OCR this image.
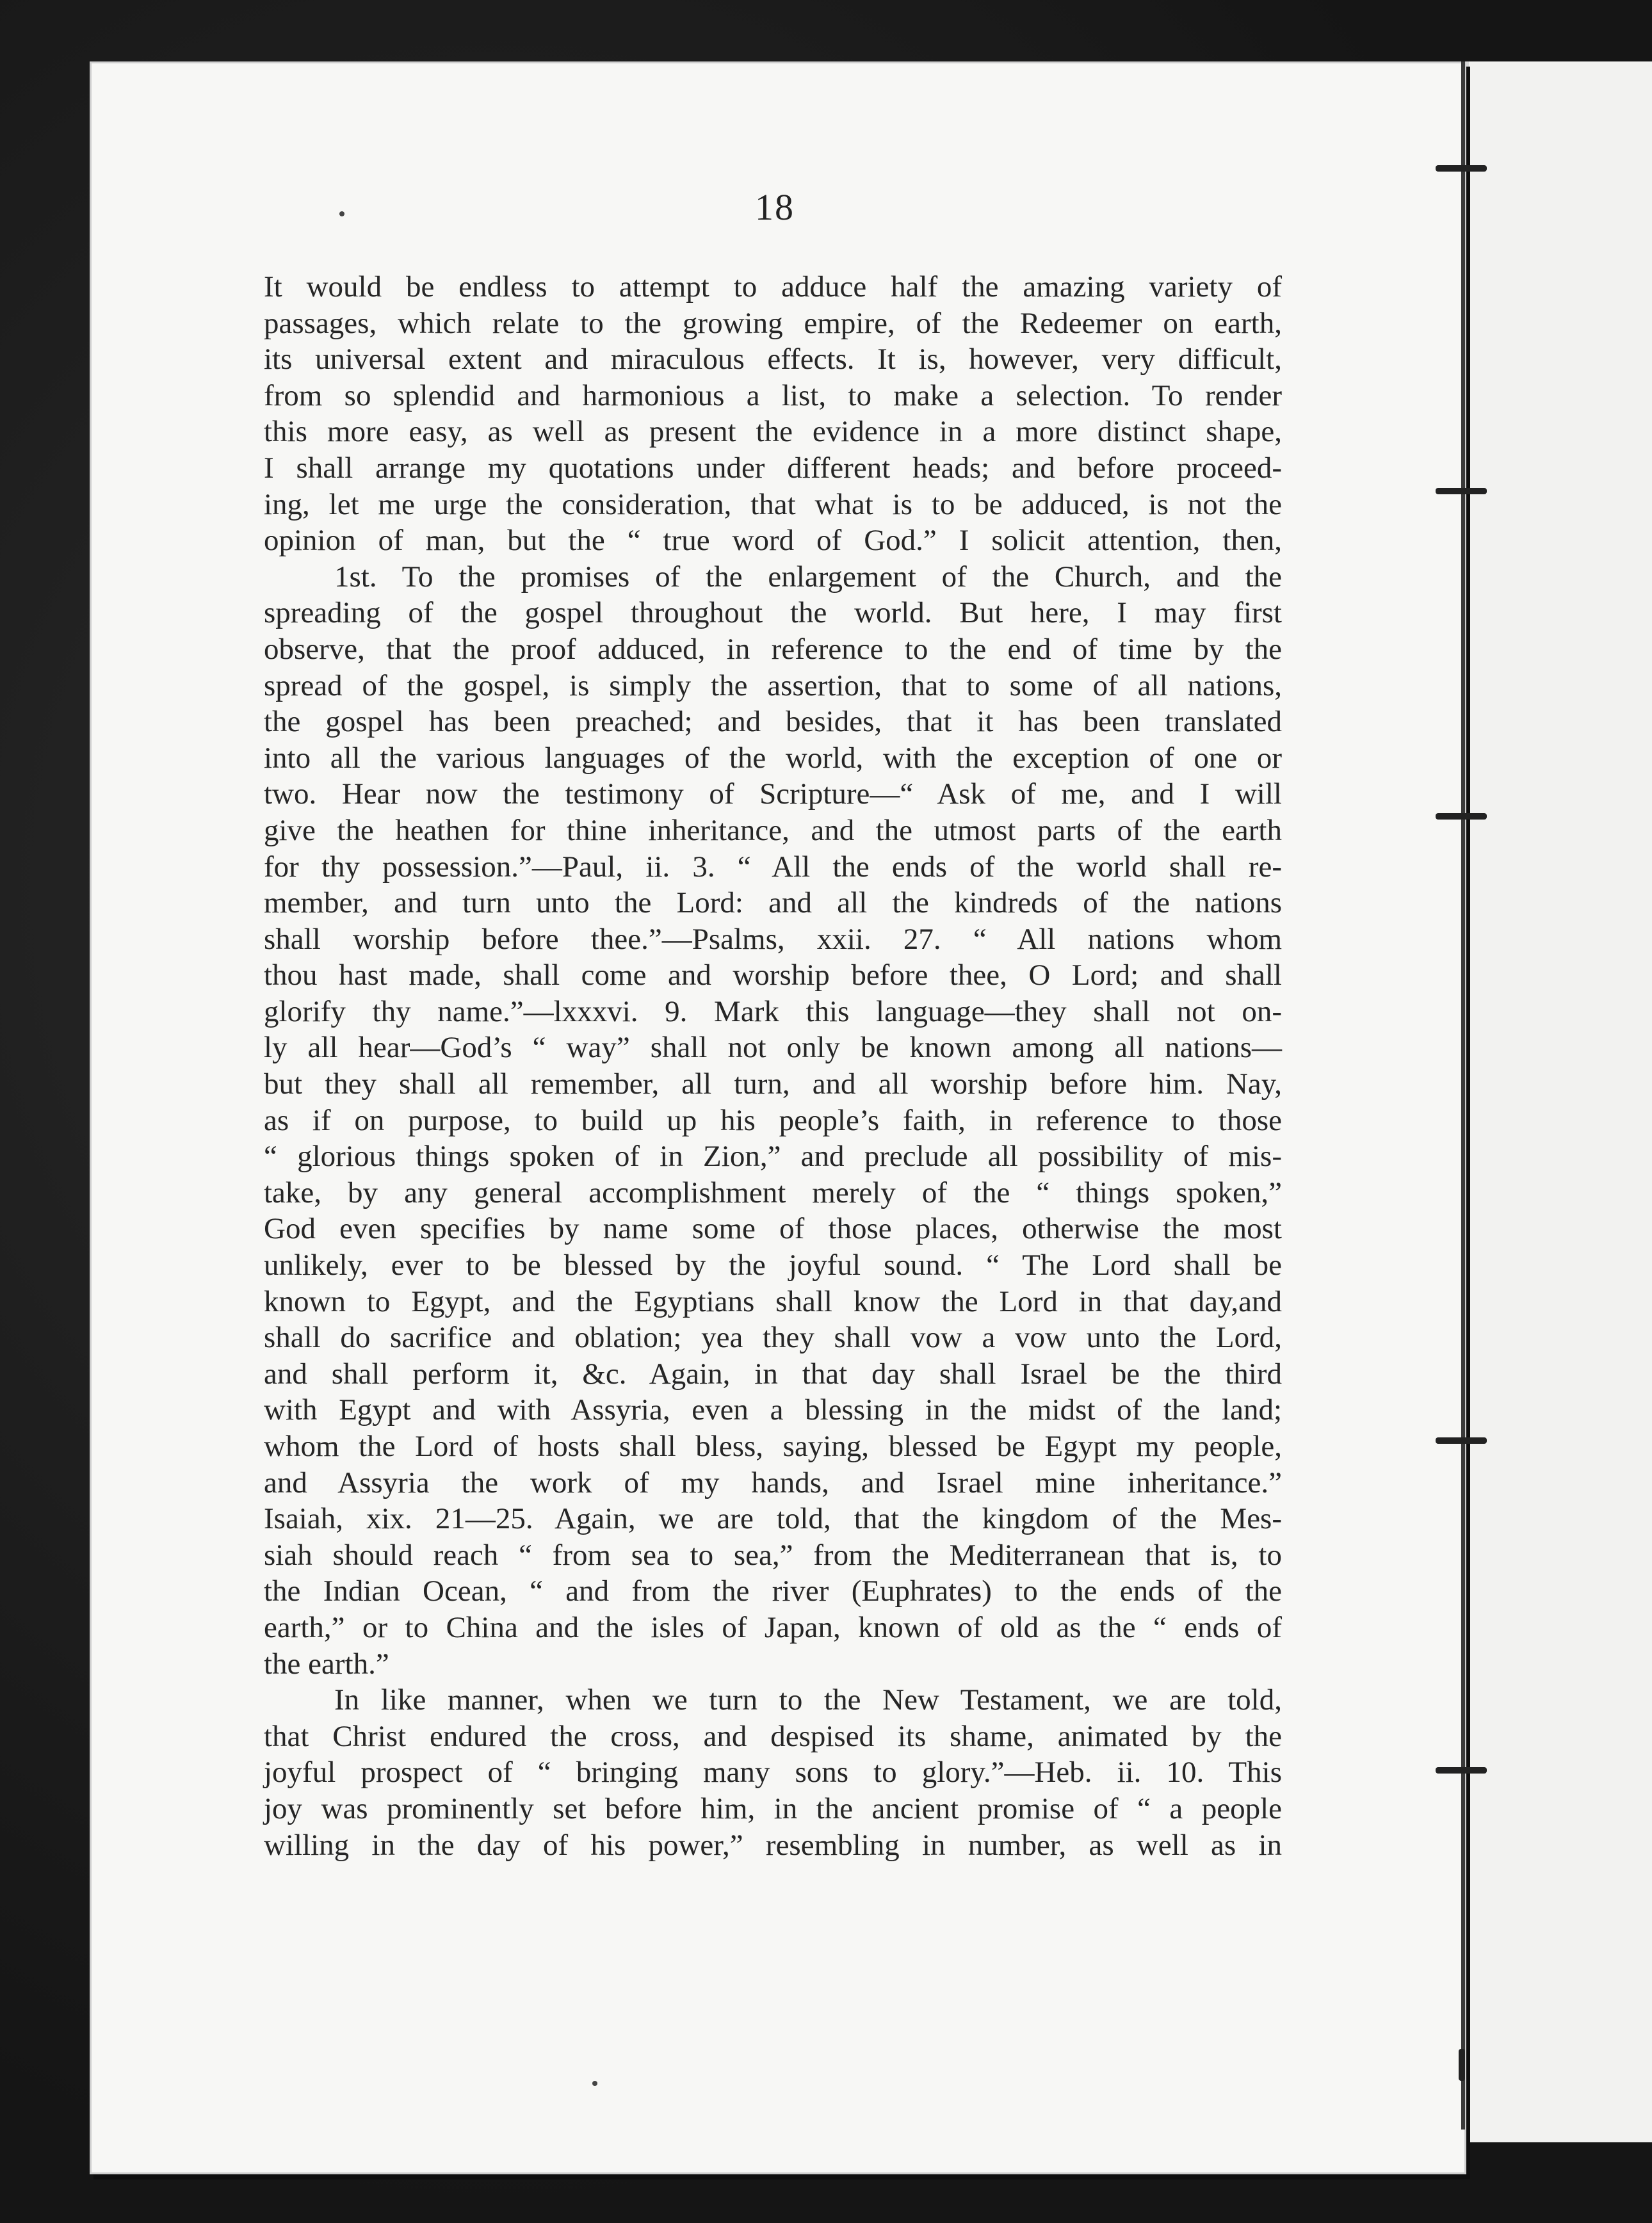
18
It would be endless to attempt to adduce half the amazing variety of
passages, which relate to the growing empire, of the Redeemer on earth,
its universal extent and miraculous effects. It is, however, very difficult,
from so splendid and harmonious a list, to make a selection. To render
this more easy, as well as present the evidence in a more distinct shape,
I shall arrange my quotations under different heads; and before proceed-
ing, let me urge the consideration, that what is to be adduced, is not the
opinion of man, but the “ true word of God.” I solicit attention, then,
1st. To the promises of the enlargement of the Church, and the
spreading of the gospel throughout the world. But here, I may first
observe, that the proof adduced, in reference to the end of time by the
spread of the gospel, is simply the assertion, that to some of all nations,
the gospel has been preached; and besides, that it has been translated
into all the various languages of the world, with the exception of one or
two. Hear now the testimony of Scripture—“ Ask of me, and I will
give the heathen for thine inheritance, and the utmost parts of the earth
for thy possession.”—Paul, ii. 3. “ All the ends of the world shall re-
member, and turn unto the Lord: and all the kindreds of the nations
shall worship before thee.”—Psalms, xxii. 27. “ All nations whom
thou hast made, shall come and worship before thee, O Lord; and shall
glorify thy name.”—lxxxvi. 9. Mark this language—they shall not on-
ly all hear—God’s “ way” shall not only be known among all nations—
but they shall all remember, all turn, and all worship before him. Nay,
as if on purpose, to build up his people’s faith, in reference to those
“ glorious things spoken of in Zion,” and preclude all possibility of mis-
take, by any general accomplishment merely of the “ things spoken,”
God even specifies by name some of those places, otherwise the most
unlikely, ever to be blessed by the joyful sound. “ The Lord shall be
known to Egypt, and the Egyptians shall know the Lord in that day,and
shall do sacrifice and oblation; yea they shall vow a vow unto the Lord,
and shall perform it, &c. Again, in that day shall Israel be the third
with Egypt and with Assyria, even a blessing in the midst of the land;
whom the Lord of hosts shall bless, saying, blessed be Egypt my people,
and Assyria the work of my hands, and Israel mine inheritance.”
Isaiah, xix. 21—25. Again, we are told, that the kingdom of the Mes-
siah should reach “ from sea to sea,” from the Mediterranean that is, to
the Indian Ocean, “ and from the river (Euphrates) to the ends of the
earth,” or to China and the isles of Japan, known of old as the “ ends of
the earth.”
In like manner, when we turn to the New Testament, we are told,
that Christ endured the cross, and despised its shame, animated by the
joyful prospect of “ bringing many sons to glory.”—Heb. ii. 10. This
joy was prominently set before him, in the ancient promise of “ a people
willing in the day of his power,” resembling in number, as well as in
